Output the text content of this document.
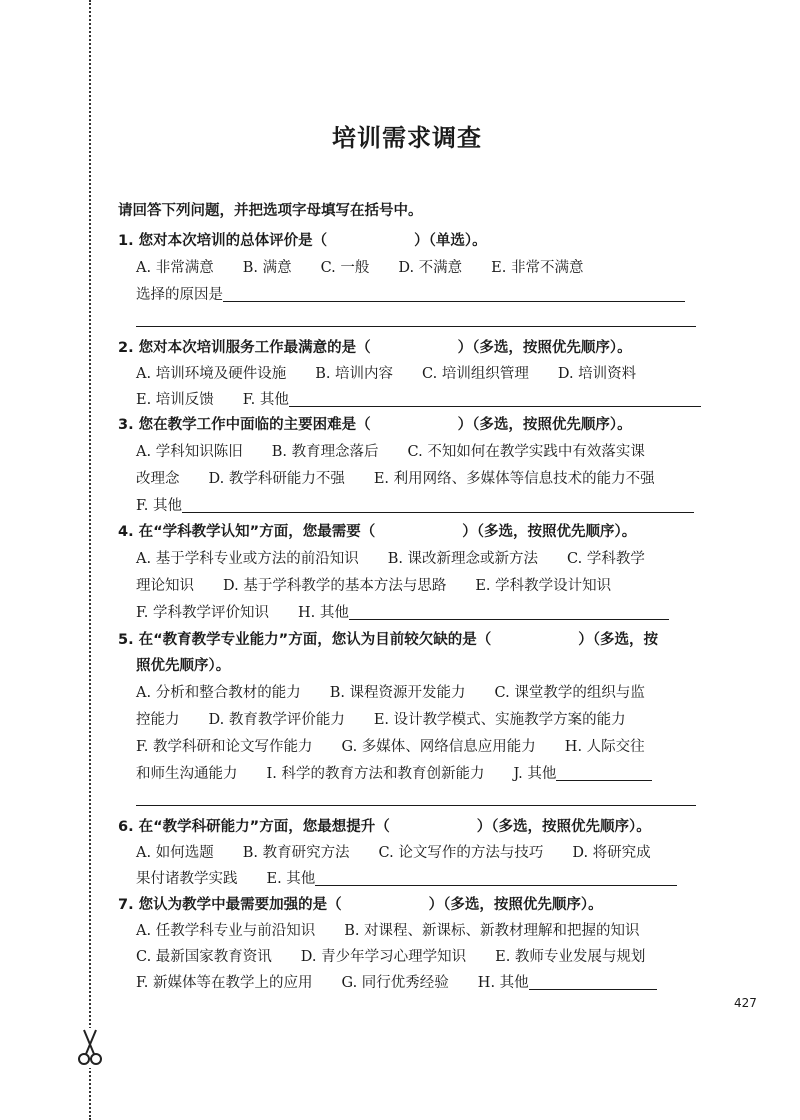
培训需求调查
请回答下列问题，并把选项字母填写在括号中。
1. 您对本次培训的总体评价是（　　　　　　）（单选）。
A. 非常满意　　B. 满意　　C. 一般　　D. 不满意　　E. 非常不满意
选择的原因是
2. 您对本次培训服务工作最满意的是（　　　　　　）（多选，按照优先顺序）。
A. 培训环境及硬件设施　　B. 培训内容　　C. 培训组织管理　　D. 培训资料
E. 培训反馈　　F. 其他
3. 您在教学工作中面临的主要困难是（　　　　　　）（多选，按照优先顺序）。
A. 学科知识陈旧　　B. 教育理念落后　　C. 不知如何在教学实践中有效落实课
改理念　　D. 教学科研能力不强　　E. 利用网络、多媒体等信息技术的能力不强
F. 其他
4. 在“学科教学认知”方面，您最需要（　　　　　　）（多选，按照优先顺序）。
A. 基于学科专业或方法的前沿知识　　B. 课改新理念或新方法　　C. 学科教学
理论知识　　D. 基于学科教学的基本方法与思路　　E. 学科教学设计知识
F. 学科教学评价知识　　H. 其他
5. 在“教育教学专业能力”方面，您认为目前较欠缺的是（　　　　　　）（多选，按
照优先顺序）。
A. 分析和整合教材的能力　　B. 课程资源开发能力　　C. 课堂教学的组织与监
控能力　　D. 教育教学评价能力　　E. 设计教学模式、实施教学方案的能力
F. 教学科研和论文写作能力　　G. 多媒体、网络信息应用能力　　H. 人际交往
和师生沟通能力　　I. 科学的教育方法和教育创新能力　　J. 其他
6. 在“教学科研能力”方面，您最想提升（　　　　　　）（多选，按照优先顺序）。
A. 如何选题　　B. 教育研究方法　　C. 论文写作的方法与技巧　　D. 将研究成
果付诸教学实践　　E. 其他
7. 您认为教学中最需要加强的是（　　　　　　）（多选，按照优先顺序）。
A. 任教学科专业与前沿知识　　B. 对课程、新课标、新教材理解和把握的知识
C. 最新国家教育资讯　　D. 青少年学习心理学知识　　E. 教师专业发展与规划
F. 新媒体等在教学上的应用　　G. 同行优秀经验　　H. 其他
427
